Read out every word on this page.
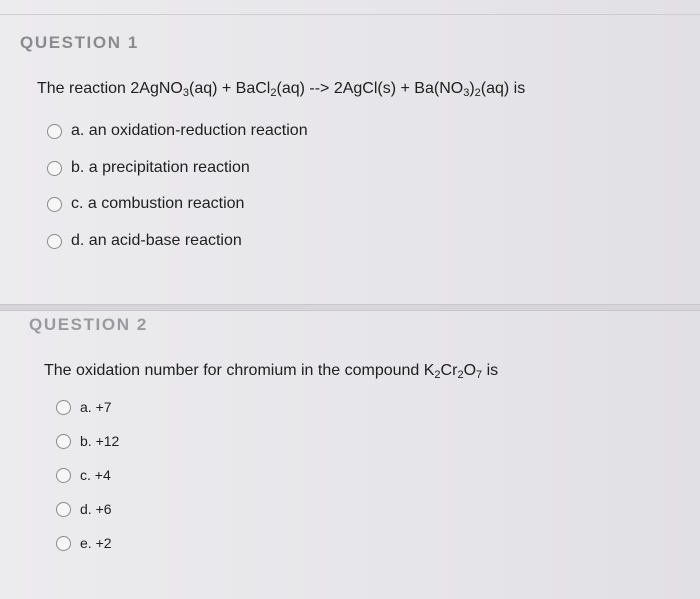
QUESTION 1
The reaction 2AgNO$_3$(aq) + BaCl$_2$(aq) --> 2AgCl(s) + $Ba(NO_3)_2(aq)$ is
a. an oxidation-reduction reaction
b. a precipitation reaction
c. a combustion reaction
d. an acid-base reaction
QUESTION 2
The oxidation number for chromium in the compound $K_2Cr_2O_7$ is
a. +7
b. +12
c. +4
d. +6
e. +2
